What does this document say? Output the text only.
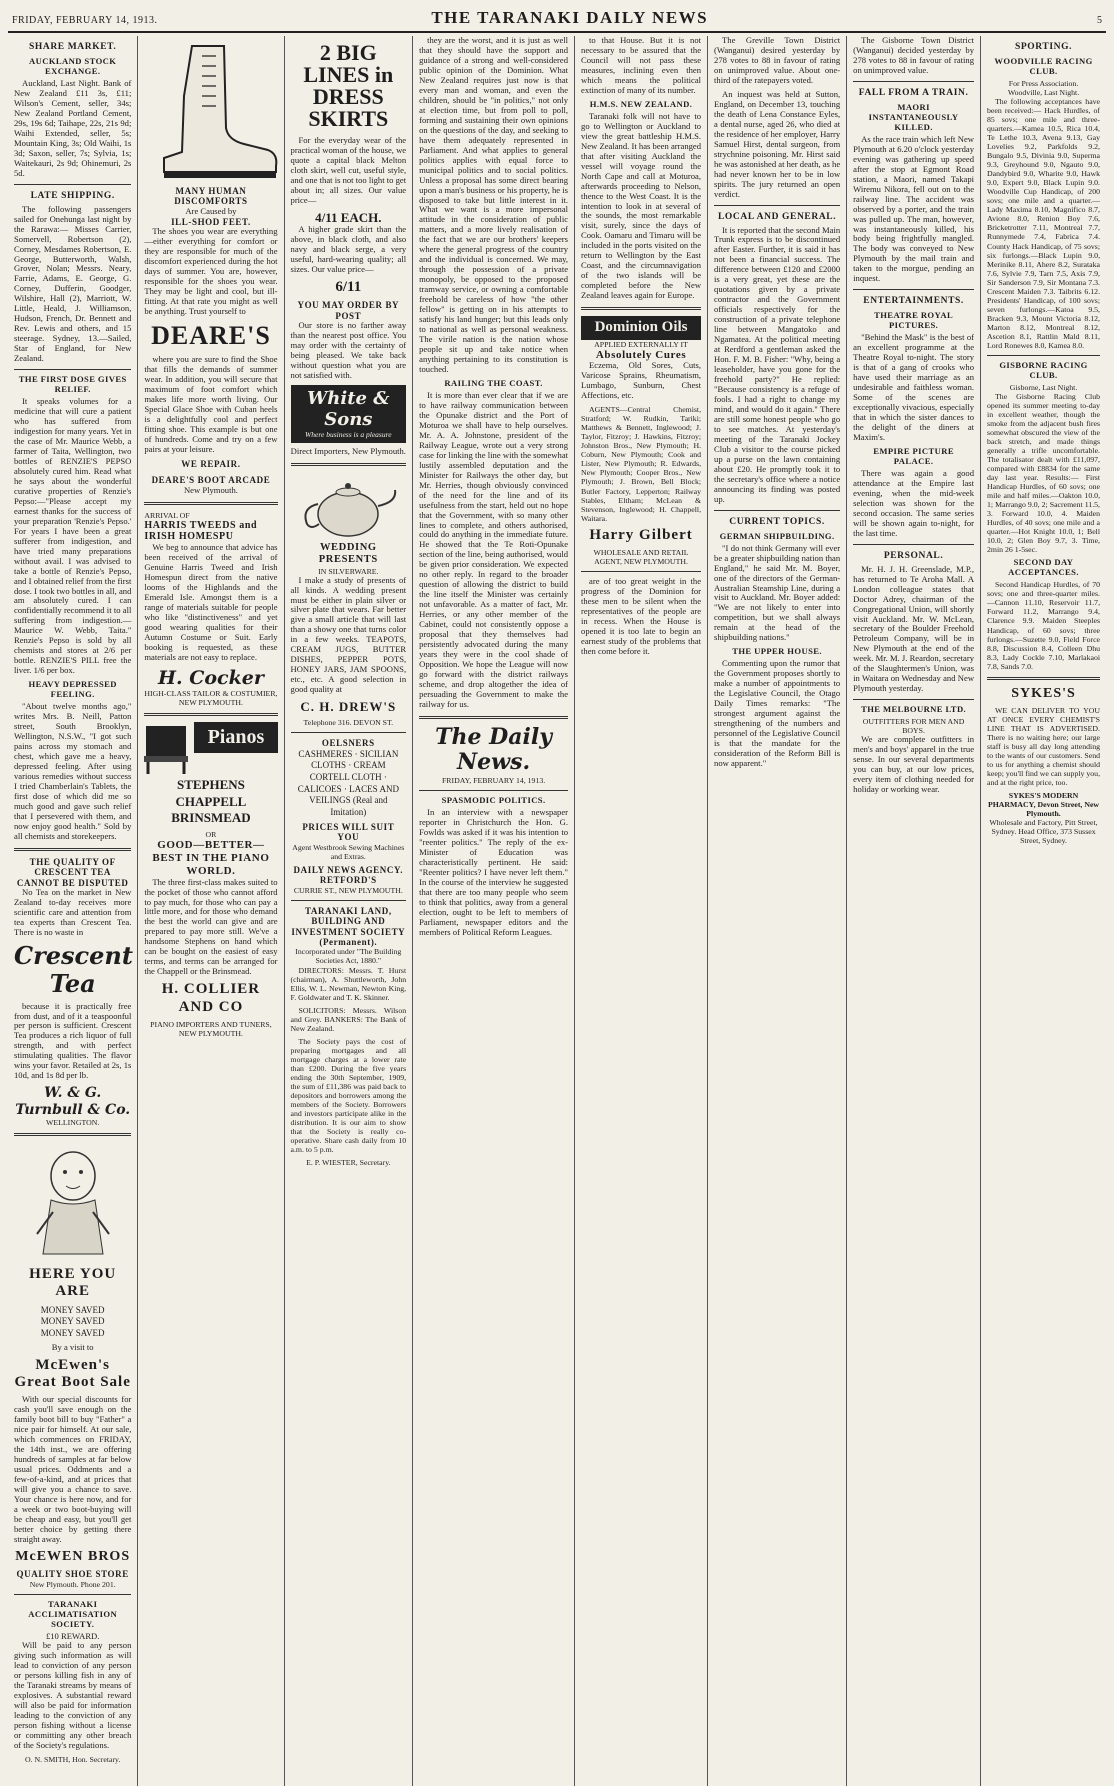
FRIDAY, FEBRUARY 14, 1913.	THE TARANAKI DAILY NEWS	5
SHARE MARKET.
AUCKLAND STOCK EXCHANGE.

Auckland, Last Night. Bank of New Zealand £11 3s, £11; Wilson's Cement, seller, 34s; New Zealand Portland Cement, 29s, 19s 6d; Taihape, 22s, 21s 9d; Waihi Extended, seller, 5s; Mountain King, 3s; Old Waihi, 1s 3d; Saxon, seller, 7s; Sylvia, 1s; Waitekauri, 2s 9d; Ohinemuri, 2s 5d.

LATE SHIPPING.

The following passengers sailed for Onehunga last night by the Rarawa:— Misses Carrier, Somervell, Robertson (2), Corney, Mesdames Robertson, E. George, Butterworth, Walsh, Grover, Nolan; Messrs. Neary, Farrie, Adams, E. George, G. Corney, Dufferin, Goodger, Wilshire, Hall (2), Marriott, W. Little, Heald, J. Williamson, Hudson, French, Dr. Bennett and Rev. Lewis and others, and 15 steerage. Sydney, 13.—Sailed, Star of England, for New Zealand.

THE FIRST DOSE GIVES RELIEF.

It speaks volumes for a medicine that will cure a patient who has suffered from indigestion for many years. Yet in the case of Mr. Maurice Webb, a farmer of Taita, Wellington, two bottles of RENZIE'S PEPSO absolutely cured him. Read what he says about the wonderful curative properties of Renzie's Pepso:—"Please accept my earnest thanks for the success of your preparation 'Renzie's Pepso.' For years I have been a great sufferer from indigestion, and have tried many preparations without avail. I was advised to take a bottle of Renzie's Pepso, and I obtained relief from the first dose. I took two bottles in all, and am absolutely cured. I can confidentially recommend it to all suffering from indigestion.—Maurice W. Webb, Taita." Renzie's Pepso is sold by all chemists and stores at 2/6 per bottle. RENZIE'S PILL free the liver. 1/6 per box.

HEAVY DEPRESSED FEELING.

"About twelve months ago," writes Mrs. B. Neill, Patton street, South Brooklyn, Wellington, N.S.W., "I got such pains across my stomach and chest, which gave me a heavy, depressed feeling. After using various remedies without success I tried Chamberlain's Tablets, the first dose of which did me so much good and gave such relief that I persevered with them, and now enjoy good health." Sold by all chemists and storekeepers.

THE QUALITY OF CRESCENT TEA
CANNOT BE DISPUTED

No Tea on the market in New Zealand to-day receives more scientific care and attention from tea experts than Crescent Tea. There is no waste in

Crescent Tea

because it is practically free from dust, and of it a teaspoonful per person is sufficient. Crescent Tea produces a rich liquor of full strength, and with perfect stimulating qualities. The flavor wins your favor. Retailed at 2s, 1s 10d, and 1s 8d per lb.

W. & G. Turnbull & Co.
WELLINGTON.
HERE YOU ARE
MONEY SAVED
MONEY SAVED
MONEY SAVED
By a visit to
McEwen's Great Boot Sale

With our special discounts for cash you'll save enough on the family boot bill to buy "Father" a nice pair for himself. At our sale, which commences on FRIDAY, the 14th inst., we are offering hundreds of samples at far below usual prices. Oddments and a few-of-a-kind, and at prices that will give you a chance to save. Your chance is here now, and for a week or two boot-buying will be cheap and easy, but you'll get better choice by getting there straight away.

McEWEN BROS
QUALITY SHOE STORE
New Plymouth. Phone 201.
TARANAKI ACCLIMATISATION SOCIETY.
£10 REWARD.

Will be paid to any person giving such information as will lead to conviction of any person or persons killing fish in any of the Taranaki streams by means of explosives. A substantial reward will also be paid for information leading to the conviction of any person fishing without a license or committing any other breach of the Society's regulations.

O. N. SMITH, Hon. Secretary.
MANY HUMAN DISCOMFORTS
Are Caused by
ILL-SHOD FEET.

The shoes you wear are everything—either everything for comfort or they are responsible for much of the discomfort experienced during the hot days of summer. You are, however, responsible for the shoes you wear. They may be light and cool, but ill-fitting. At that rate you might as well be anything. Trust yourself to

DEARE'S

where you are sure to find the Shoe that fills the demands of summer wear. In addition, you will secure that maximum of foot comfort which makes life more worth living. Our Special Glace Shoe with Cuban heels is a delightfully cool and perfect fitting shoe. This example is but one of hundreds. Come and try on a few pairs at your leisure.

WE REPAIR.
DEARE'S BOOT ARCADE
New Plymouth.
ARRIVAL OF
HARRIS TWEEDS and IRISH HOMESPU

We beg to announce that advice has been received of the arrival of Genuine Harris Tweed and Irish Homespun direct from the native looms of the Highlands and the Emerald Isle. Amongst them is a range of materials suitable for people who like "distinctiveness" and yet good wearing qualities for their Autumn Costume or Suit. Early booking is requested, as these materials are not easy to replace.

H. Cocker
HIGH-CLASS TAILOR & COSTUMIER, NEW PLYMOUTH.
Pianos
STEPHENS CHAPPELL BRINSMEAD
OR
GOOD—BETTER—BEST IN THE PIANO WORLD.

The three first-class makes suited to the pocket of those who cannot afford to pay much, for those who can pay a little more, and for those who demand the best the world can give and are prepared to pay more still. We've a handsome Stephens on hand which can be bought on the easiest of easy terms, and terms can be arranged for the Chappell or the Brinsmead.

H. COLLIER AND CO
PIANO IMPORTERS AND TUNERS, NEW PLYMOUTH.
2 BIG LINES in DRESS SKIRTS

For the everyday wear of the practical woman of the house, we quote a capital black Melton cloth skirt, well cut, useful style, and one that is not too light to get about in; all sizes. Our value price—

4/11 EACH.

A higher grade skirt than the above, in black cloth, and also navy and black serge, a very useful, hard-wearing quality; all sizes. Our value price—

6/11
YOU MAY ORDER BY POST

Our store is no farther away than the nearest post office. You may order with the certainty of being pleased. We take back without question what you are not satisfied with.

White & Sons
Where business is a pleasure
Direct Importers, New Plymouth.
WEDDING PRESENTS
IN SILVERWARE.

I make a study of presents of all kinds. A wedding present must be either in plain silver or silver plate that wears. Far better give a small article that will last than a showy one that turns color in a few weeks. TEAPOTS, CREAM JUGS, BUTTER DISHES, PEPPER POTS, HONEY JARS, JAM SPOONS, etc., etc. A good selection in good quality at

C. H. DREW'S
Telephone 316. DEVON ST.
OELSNERS
CASHMERES · SICILIAN CLOTHS · CREAM CORTELL CLOTH · CALICOES · LACES AND VEILINGS (Real and Imitation)
PRICES WILL SUIT YOU
Agent Westbrook Sewing Machines and Extras.
DAILY NEWS AGENCY.
RETFORD'S
CURRIE ST., NEW PLYMOUTH.
TARANAKI LAND, BUILDING AND INVESTMENT SOCIETY (Permanent).
Incorporated under "The Building Societies Act, 1880."

DIRECTORS: Messrs. T. Hurst (chairman), A. Shuttleworth, John Ellis, W. L. Newman, Newton King, F. Goldwater and T. K. Skinner.

SOLICITORS: Messrs. Wilson and Grey. BANKERS: The Bank of New Zealand.

The Society pays the cost of preparing mortgages and all mortgage charges at a lower rate than £200. During the five years ending the 30th September, 1909, the sum of £11,386 was paid back to depositors and borrowers among the members of the Society. Borrowers and investors participate alike in the distribution. It is our aim to show that the Society is really co-operative. Share cash daily from 10 a.m. to 5 p.m.

E. P. WIESTER, Secretary.

they are the worst, and it is just as well that they should have the support and guidance of a strong and well-considered public opinion of the Dominion. What New Zealand requires just now is that every man and woman, and even the children, should be "in politics," not only at election time, but from poll to poll, forming and sustaining their own opinions on the questions of the day, and seeking to have them adequately represented in Parliament. And what applies to general politics applies with equal force to municipal politics and to social politics. Unless a proposal has some direct bearing upon a man's business or his property, he is disposed to take but little interest in it. What we want is a more impersonal attitude in the consideration of public matters, and a more lively realisation of the fact that we are our brothers' keepers where the general progress of the country and the individual is concerned. We may, through the possession of a private monopoly, be opposed to the proposed tramway service, or owning a comfortable freehold be careless of how "the other fellow" is getting on in his attempts to satisfy his land hunger; but this leads only to national as well as personal weakness. The virile nation is the nation whose people sit up and take notice when anything pertaining to its constitution is touched.

RAILING THE COAST.

It is more than ever clear that if we are to have railway communication between the Opunake district and the Port of Moturoa we shall have to help ourselves. Mr. A. A. Johnstone, president of the Railway League, wrote out a very strong case for linking the line with the somewhat lustily assembled deputation and the Minister for Railways the other day, but Mr. Herries, though obviously convinced of the need for the line and of its usefulness from the start, held out no hope that the Government, with so many other lines to complete, and others authorised, could do anything in the immediate future. He showed that the Te Roti-Opunake section of the line, being authorised, would be given prior consideration. We expected no other reply. In regard to the broader question of allowing the district to build the line itself the Minister was certainly not unfavorable. As a matter of fact, Mr. Herries, or any other member of the Cabinet, could not consistently oppose a proposal that they themselves had persistently advocated during the many years they were in the cool shade of Opposition. We hope the League will now go forward with the district railways scheme, and drop altogether the idea of persuading the Government to make the railway for us.

The Daily News.
FRIDAY, FEBRUARY 14, 1913.
SPASMODIC POLITICS.

In an interview with a newspaper reporter in Christchurch the Hon. G. Fowlds was asked if it was his intention to "reenter politics." The reply of the ex-Minister of Education was characteristically pertinent. He said: "Reenter politics? I have never left them." In the course of the interview he suggested that there are too many people who seem to think that politics, away from a general election, ought to be left to members of Parliament, newspaper editors and the members of Political Reform Leagues.

to that House. But it is not necessary to be assured that the Council will not pass these measures, inclining even then which means the political extinction of many of its number.

H.M.S. NEW ZEALAND.

Taranaki folk will not have to go to Wellington or Auckland to view the great battleship H.M.S. New Zealand. It has been arranged that after visiting Auckland the vessel will voyage round the North Cape and call at Moturoa, afterwards proceeding to Nelson, thence to the West Coast. It is the intention to look in at several of the sounds, the most remarkable visit, surely, since the days of Cook. Oamaru and Timaru will be included in the ports visited on the return to Wellington by the East Coast, and the circumnavigation of the two islands will be completed before the New Zealand leaves again for Europe.

Dominion Oils
APPLIED EXTERNALLY IT
Absolutely Cures

Eczema, Old Sores, Cuts, Varicose Sprains, Rheumatism, Lumbago, Sunburn, Chest Affections, etc.

AGENTS—Central Chemist, Stratford; W. Rudkin, Tariki; Matthews & Bennett, Inglewood; J. Taylor, Fitzroy; J. Hawkins, Fitzroy; Johnston Bros., New Plymouth; H. Coburn, New Plymouth; Cook and Lister, New Plymouth; R. Edwards, New Plymouth; Cooper Bros., New Plymouth; J. Brown, Bell Block; Butler Factory, Lepperton; Railway Stables, Eltham; McLean & Stevenson, Inglewood; H. Chappell, Waitara.

Harry Gilbert
WHOLESALE AND RETAIL AGENT, NEW PLYMOUTH.

are of too great weight in the progress of the Dominion for these men to be silent when the representatives of the people are in recess. When the House is opened it is too late to begin an earnest study of the problems that then come before it.

The Greville Town District (Wanganui) desired yesterday by 278 votes to 88 in favour of rating on unimproved value. About one-third of the ratepayers voted.

An inquest was held at Sutton, England, on December 13, touching the death of Lena Constance Eyles, a dental nurse, aged 26, who died at the residence of her employer, Harry Samuel Hirst, dental surgeon, from strychnine poisoning. Mr. Hirst said he was astonished at her death, as he had never known her to be in low spirits. The jury returned an open verdict.

LOCAL AND GENERAL.

It is reported that the second Main Trunk express is to be discontinued after Easter. Further, it is said it has not been a financial success. The difference between £120 and £2000 is a very great, yet these are the quotations given by a private contractor and the Government officials respectively for the construction of a private telephone line between Mangatoko and Ngamatea. At the political meeting at Rerdford a gentleman asked the Hon. F. M. B. Fisher: "Why, being a leaseholder, have you gone for the freehold party?" He replied: "Because consistency is a refuge of fools. I had a right to change my mind, and would do it again." There are still some honest people who go to see matches. At yesterday's meeting of the Taranaki Jockey Club a visitor to the course picked up a purse on the lawn containing about £20. He promptly took it to the secretary's office where a notice announcing its finding was posted up.

CURRENT TOPICS.
GERMAN SHIPBUILDING.

"I do not think Germany will ever be a greater shipbuilding nation than England," he said Mr. M. Boyer, one of the directors of the German-Australian Steamship Line, during a visit to Auckland. Mr. Boyer added: "We are not likely to enter into competition, but we shall always remain at the head of the shipbuilding nations."

THE UPPER HOUSE.

Commenting upon the rumor that the Government proposes shortly to make a number of appointments to the Legislative Council, the Otago Daily Times remarks: "The strongest argument against the strengthening of the numbers and personnel of the Legislative Council is that the mandate for the consideration of the Reform Bill is now apparent."

The Gisborne Town District (Wanganui) decided yesterday by 278 votes to 88 in favour of rating on unimproved value.

FALL FROM A TRAIN.
MAORI INSTANTANEOUSLY KILLED.

As the race train which left New Plymouth at 6.20 o'clock yesterday evening was gathering up speed after the stop at Egmont Road station, a Maori, named Takapi Wiremu Nikora, fell out on to the railway line. The accident was observed by a porter, and the train was pulled up. The man, however, was instantaneously killed, his body being frightfully mangled. The body was conveyed to New Plymouth by the mail train and taken to the morgue, pending an inquest.

ENTERTAINMENTS.
THEATRE ROYAL PICTURES.

"Behind the Mask" is the best of an excellent programme at the Theatre Royal to-night. The story is that of a gang of crooks who have used their marriage as an undesirable and faithless woman. Some of the scenes are exceptionally vivacious, especially that in which the sister dances to the delight of the diners at Maxim's.

EMPIRE PICTURE PALACE.

There was again a good attendance at the Empire last evening, when the mid-week selection was shown for the second occasion. The same series will be shown again to-night, for the last time.

PERSONAL.

Mr. H. J. H. Greenslade, M.P., has returned to Te Aroha Mall. A London colleague states that Doctor Adrey, chairman of the Congregational Union, will shortly visit Auckland. Mr. W. McLean, secretary of the Boulder Freehold Petroleum Company, will be in New Plymouth at the end of the week. Mr. M. J. Reardon, secretary of the Slaughtermen's Union, was in Waitara on Wednesday and New Plymouth yesterday.

THE MELBOURNE LTD.
OUTFITTERS FOR MEN AND BOYS.

We are complete outfitters in men's and boys' apparel in the true sense. In our several departments you can buy, at our low prices, every item of clothing needed for holiday or working wear.

SPORTING.
WOODVILLE RACING CLUB.
For Press Association.
Woodville, Last Night.

The following acceptances have been received:— Hack Hurdles, of 85 sovs; one mile and three-quarters.—Kamea 10.5, Rica 10.4, Te Lethe 10.3, Avena 9.13, Gay Lovelies 9.2, Parkfolds 9.2, Bungalo 9.5, Divinia 9.0, Superma 9.3, Greyhound 9.0, Ngauto 9.0, Dandybird 9.0, Wharite 9.0, Hawk 9.0, Expert 9.0, Black Lupin 9.0. Woodville Cup Handicap, of 200 sovs; one mile and a quarter.—Lady Maxima 8.10, Magnifico 8.7, Avione 8.0, Renion Boy 7.6, Bricketrotter 7.11, Montreal 7.7, Runnymede 7.4, Fabrica 7.4. County Hack Handicap, of 75 sovs; six furlongs.—Black Lupin 9.0, Merinike 8.11, Ahere 8.2, Surataka 7.6, Sylvie 7.9, Tarn 7.5, Axis 7.9, Sir Sanderson 7.9, Sir Montana 7.3. Crescent Maiden 7.3. Taibrits 6.12. Presidents' Handicap, of 100 sovs; seven furlongs.—Katoa 9.5, Bracken 9.3, Mount Victoria 8.12, Marton 8.12, Montreal 8.12, Ascetion 8.1, Rattlin Mald 8.11, Lord Ronewes 8.0, Kamea 8.0.

GISBORNE RACING CLUB.
Gisborne, Last Night.

The Gisborne Racing Club opened its summer meeting to-day in excellent weather, though the smoke from the adjacent bush fires somewhat obscured the view of the back stretch, and made things generally a trifle uncomfortable. The totalisator dealt with £11,097, compared with £8834 for the same day last year. Results:— First Handicap Hurdles, of 60 sovs; one mile and half miles.—Oakton 10.0, 1; Marrango 9.0, 2; Sacrement 11.5, 3. Forward 10.0, 4. Maiden Hurdles, of 40 sovs; one mile and a quarter.—Hot Knight 10.0, 1; Bell 10.0, 2; Glen Boy 9.7, 3. Time, 2min 26 1-5sec.

SECOND DAY ACCEPTANCES.

Second Handicap Hurdles, of 70 sovs; one and three-quarter miles.—Cannon 11.10, Reservoir 11.7, Forward 11.2, Marrango 9.4, Clarence 9.9. Maiden Steeples Handicap, of 60 sovs; three furlongs.—Suzette 9.0, Field Force 8.8, Discussion 8.4, Colleen Dhu 8.3, Lady Cockle 7.10, Marlakaoi 7.8, Sands 7.0.

SYKES'S

WE CAN DELIVER TO YOU AT ONCE EVERY CHEMIST'S LINE THAT IS ADVERTISED. There is no waiting here; our large staff is busy all day long attending to the wants of our customers. Send to us for anything a chemist should keep; you'll find we can supply you, and at the right price, too.

SYKES'S MODERN PHARMACY, Devon Street, New Plymouth.
Wholesale and Factory, Pitt Street, Sydney. Head Office, 373 Sussex Street, Sydney.
